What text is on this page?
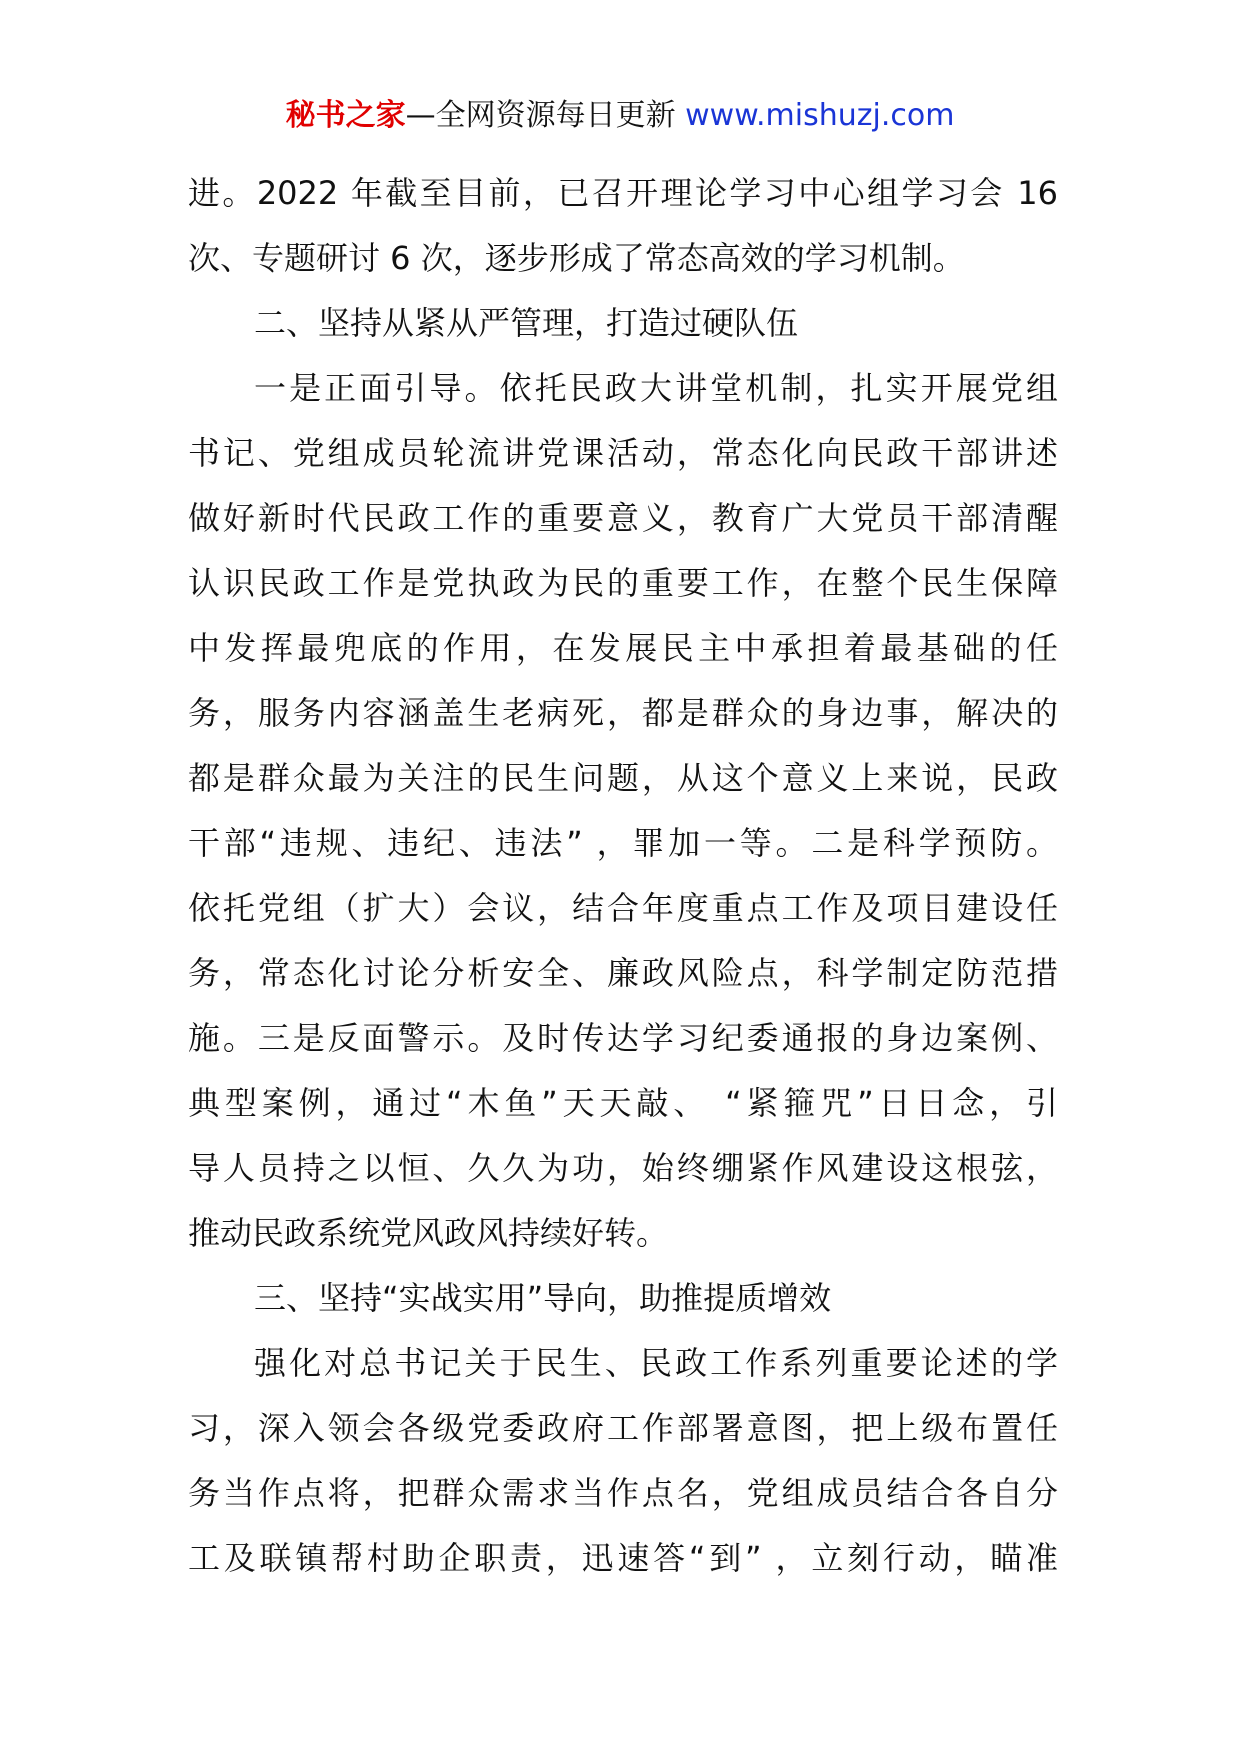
秘书之家—全网资源每日更新 www.mishuzj.com
进。2022 年截至目前，已召开理论学习中心组学习会 16
次、专题研讨 6 次，逐步形成了常态高效的学习机制。
二、坚持从紧从严管理，打造过硬队伍
一是正面引导。依托民政大讲堂机制，扎实开展党组
书记、党组成员轮流讲党课活动，常态化向民政干部讲述
做好新时代民政工作的重要意义，教育广大党员干部清醒
认识民政工作是党执政为民的重要工作，在整个民生保障
中发挥最兜底的作用，在发展民主中承担着最基础的任
务，服务内容涵盖生老病死，都是群众的身边事，解决的
都是群众最为关注的民生问题，从这个意义上来说，民政
干部“违规、违纪、违法” ，罪加一等。二是科学预防。
依托党组（扩大）会议，结合年度重点工作及项目建设任
务，常态化讨论分析安全、廉政风险点，科学制定防范措
施。三是反面警示。及时传达学习纪委通报的身边案例、
典型案例，通过“木鱼”天天敲、 “紧箍咒”日日念，引
导人员持之以恒、久久为功，始终绷紧作风建设这根弦，
推动民政系统党风政风持续好转。
三、坚持“实战实用”导向，助推提质增效
强化对总书记关于民生、民政工作系列重要论述的学
习，深入领会各级党委政府工作部署意图，把上级布置任
务当作点将，把群众需求当作点名，党组成员结合各自分
工及联镇帮村助企职责，迅速答“到” ，立刻行动，瞄准
